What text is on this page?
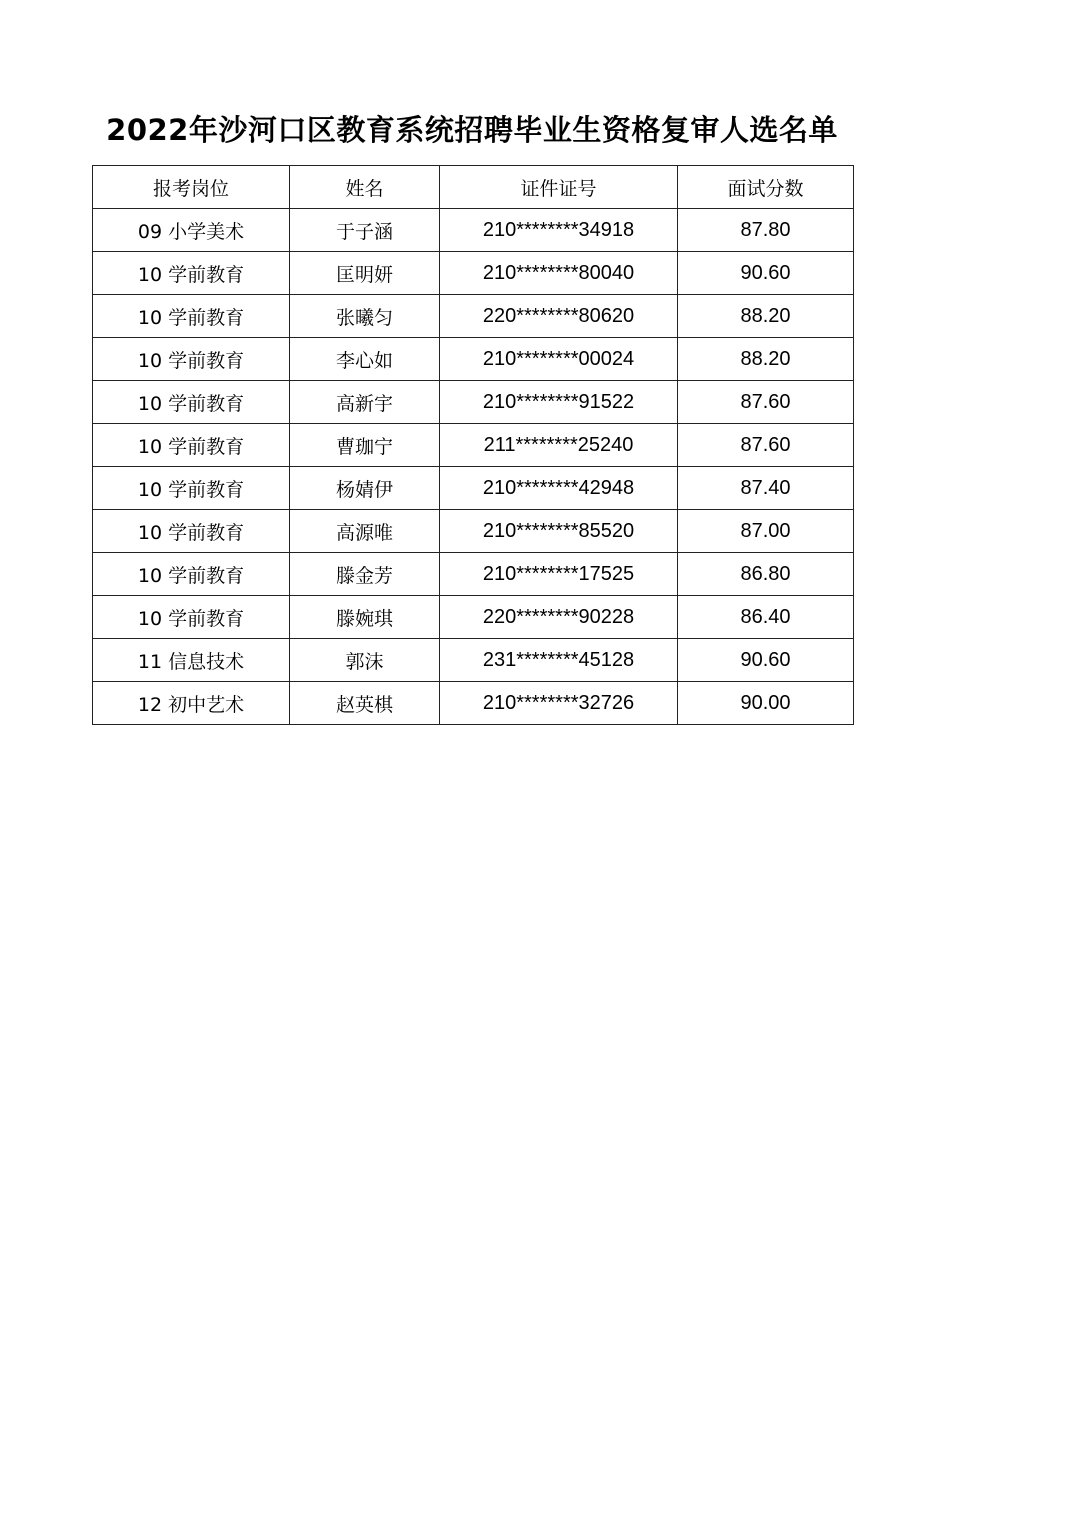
2022年沙河口区教育系统招聘毕业生资格复审人选名单
报考岗位	姓名	证件证号	面试分数
09 小学美术	于子涵	210********34918	87.80
10 学前教育	匡明妍	210********80040	90.60
10 学前教育	张曦匀	220********80620	88.20
10 学前教育	李心如	210********00024	88.20
10 学前教育	高新宇	210********91522	87.60
10 学前教育	曹珈宁	211********25240	87.60
10 学前教育	杨婧伊	210********42948	87.40
10 学前教育	高源唯	210********85520	87.00
10 学前教育	滕金芳	210********17525	86.80
10 学前教育	滕婉琪	220********90228	86.40
11 信息技术	郭沫	231********45128	90.60
12 初中艺术	赵英棋	210********32726	90.00
